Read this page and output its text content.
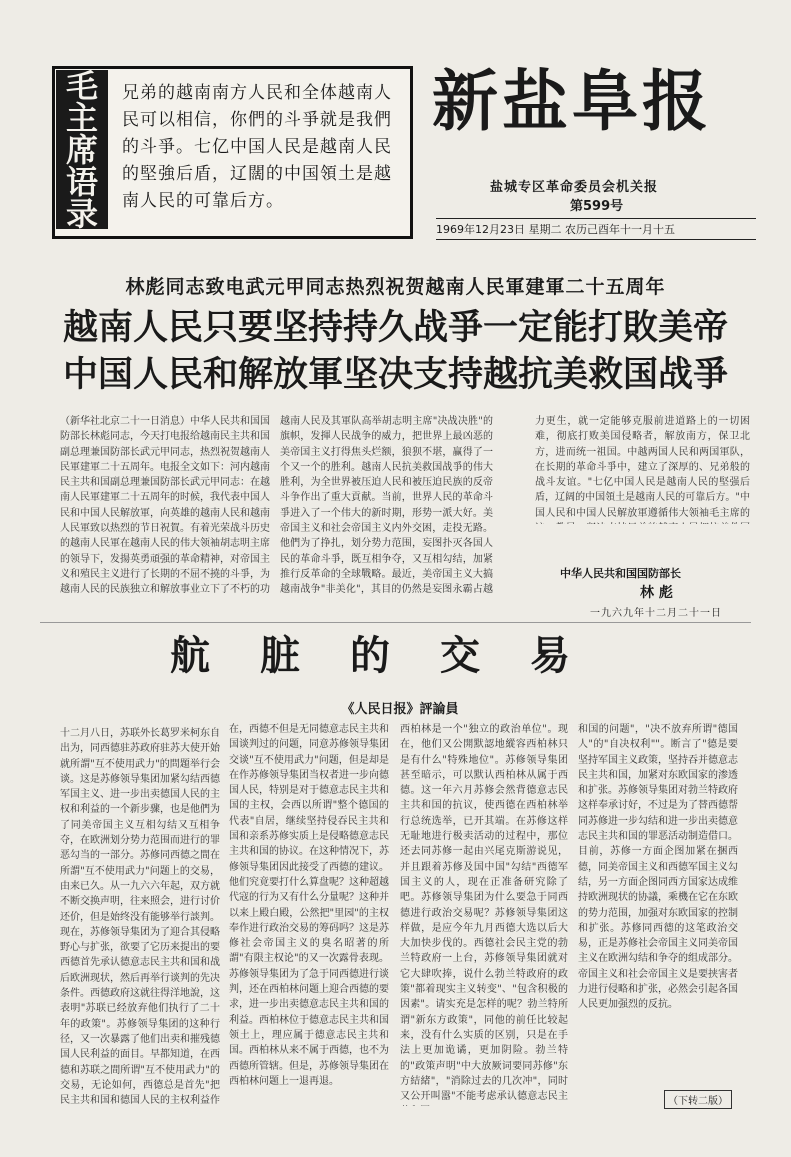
毛
主
席
语
录
兄弟的越南南方人民和全体越南人民可以相信，你們的斗爭就是我們的斗爭。七亿中国人民是越南人民的堅強后盾，辽闊的中国領土是越南人民的可靠后方。
新盐阜报
盐城专区革命委员会机关报
第599号
1969年12月23日 星期二 农历己酉年十一月十五
林彪同志致电武元甲同志热烈祝贺越南人民軍建軍二十五周年
越南人民只要坚持持久战爭一定能打敗美帝
中国人民和解放軍坚决支持越抗美救国战爭
（新华社北京二十一日消息）中华人民共和国国防部长林彪同志，今天打电报给越南民主共和国副总理兼国防部长武元甲同志，热烈祝贺越南人民軍建軍二十五周年。电报全文如下：河内越南民主共和国副总理兼国防部长武元甲同志：在越南人民軍建軍二十五周年的时候，我代表中国人民和中国人民解放軍，向英雄的越南人民和越南人民軍致以热烈的节日祝賀。有着光荣战斗历史的越南人民軍在越南人民的伟大领袖胡志明主席的领导下，发揚英勇頑强的革命精神，对帝国主义和殖民主义进行了长期的不屈不撓的斗爭，为越南人民的民族独立和解放事业立下了不朽的功
越南人民及其軍队高举胡志明主席"决战决胜"的旗帜，发揮人民战争的威力，把世界上最凶恶的美帝国主义打得焦头烂额，狼狈不堪，赢得了一个又一个的胜利。越南人民抗美救国战爭的伟大胜利，为全世界被压迫人民和被压迫民族的反帝斗争作出了重大貢献。当前，世界人民的革命斗爭进入了一个伟大的新时期，形势一派大好。美帝国主义和社会帝国主义内外交困，走投无路。他們为了挣扎，划分势力范围，妄图扑灭各国人民的革命斗爭，既互相争夺，又互相勾结，加紧推行反革命的全球戰略。最近，美帝国主义大搞越南战争"非美化"，其目的仍然是妄图永霸占越
力更生，就一定能够克服前进道路上的一切困难，彻底打败美国侵略者，解放南方，保卫北方，进而统一祖国。中越两国人民和两国軍队，在长期的革命斗爭中，建立了深厚的、兄弟般的战斗友谊。"七亿中国人民是越南人民的堅强后盾，辽阔的中国領土是越南人民的可靠后方。"中国人民和中国人民解放軍遵循伟大领袖毛主席的
中华人民共和国国防部长
林 彪
一九六九年十二月二十一日
航脏的交易
《人民日报》評論員
十二月八日，苏联外长葛罗米柯东自出为，同西德驻苏政府驻苏大使开始就所謂"互不使用武力"的問題举行会谈。这是苏修领导集团加紧勾结西德军国主义、进一步出卖德国人民的主权和利益的一个新步骤，也是他們为了同美帝国主义互相勾结又互相争夺，在欧洲划分势力范围而进行的罪恶勾当的一部分。苏修同西德之間在所謂"互不使用武力"问题上的交易，由来已久。从一九六六年起，双方就不断交换声明，往来照会，进行讨价还价，但是始终没有能够举行談判。现在，苏修领导集团为了迎合其侵略野心与扩张，欲要了它历来提出的要西德首先承认德意志民主共和国和战后欧洲现状，然后再举行谈判的先决条件。西德政府这就往得洋地說，这表明"苏联已经放弃他们执行了二十年的政策"。苏修领导集团的这种行径，又一次暴露了他们出卖和摧残德国人民利益的面目。早都知道，在西德和苏联之間所谓"互不使用武力"的交易，无论如何，西德总是首先"把民主共和国和德国人民的主权利益作
在，西德不但是无同德意志民主共和国谈判过的问题，同意苏修领导集团交谈"互不使用武力"问题，但是却是在作苏修领导集团当权者进一步向德国人民，特别是对于德意志民主共和国的主权，会西以所谓"整个德国的代表"自居，继续坚持侵吞民主共和国和亲系苏修实质上是侵略德意志民主共和国的协议。在这种情况下，苏修领导集团因此接受了西德的建议。他们究竟要打什么算盘呢？这种超越代寇的行为又有什么分量呢？这种并以来上殿白殿，公然把"里园"的主权奉作进行政治交易的筹码吗？这是苏修社会帝国主义的臭名昭著的所謂"有限主权论"的又一次露骨表现。苏修领导集团为了急于同西德进行谈判，还在西柏林问题上迎合西德的要求，进一步出卖德意志民主共和国的利益。西柏林位于德意志民主共和国领土上，理应属于德意志民主共和国。西柏林从来不属于西德，也不为西德所管辖。但是，苏修领导集团在西柏林问题上一退再退。
西柏林是一个"独立的政治单位"。现在，他们又公開默認地縱容西柏林只是有什么"特殊地位"。苏修领导集团甚至暗示，可以默认西柏林从属于西德。这一年六月苏修会然背德意志民主共和国的抗议，使西德在西柏林举行总统选举，已开其端。在苏修这样无耻地进行极卖活动的过程中，那位还去同苏修一起由兴尾克斯游说见，并且跟着苏修及国中国"勾结"西德军国主义的人，现在正准备研究除了吧。苏修领导集团为什么要急于同西德进行政治交易呢？苏修领导集团这样做，是应今年九月西德大选以后大大加快步伐的。西德社会民主党的勃兰特政府一上台，苏修领导集团就对它大肆吹捧，说什么勃兰特政府的政策"都着现实主义转变"、"包含积极的因素"。请实充是怎样的呢？勃兰特所谓"新东方政策"，同他的前任比较起来，没有什么实质的区别，只是在手法上更加诡谲，更加阴险。勃兰特的"政策声明"中大放厥词要同苏修"东方結緒"，"消除过去的几次冲"，同时又公开叫嚣"不能考虑承认德意志民主
和国的问题"，"决不放弃所谓"德国人"的"自决权利""。断言了"德是要坚持军国主义政策，坚持吞并德意志民主共和国，加紧对东欧国家的渗透和扩张。苏修领导集团对勃兰特政府这样奉承讨好，不过是为了替西德帮同苏修进一步勾结和进一步出卖德意志民主共和国的罪恶活动制造借口。目前，苏修一方面企图加紧在捆西德，同美帝国主义和西德军国主义勾结，另一方面企图同西方国家达成维持欧洲现状的协議，乘機在它在东欧的势力范围，加强对东欧国家的控制和扩张。苏修同西德的这笔政治交易，正是苏修社会帝国主义同美帝国主义在欧洲勾结和争夺的组成部分。帝国主义和社会帝国主义是要挟害者力进行侵略和扩张，必然会引起各国人民更加强烈的反抗。
（下转二版）
